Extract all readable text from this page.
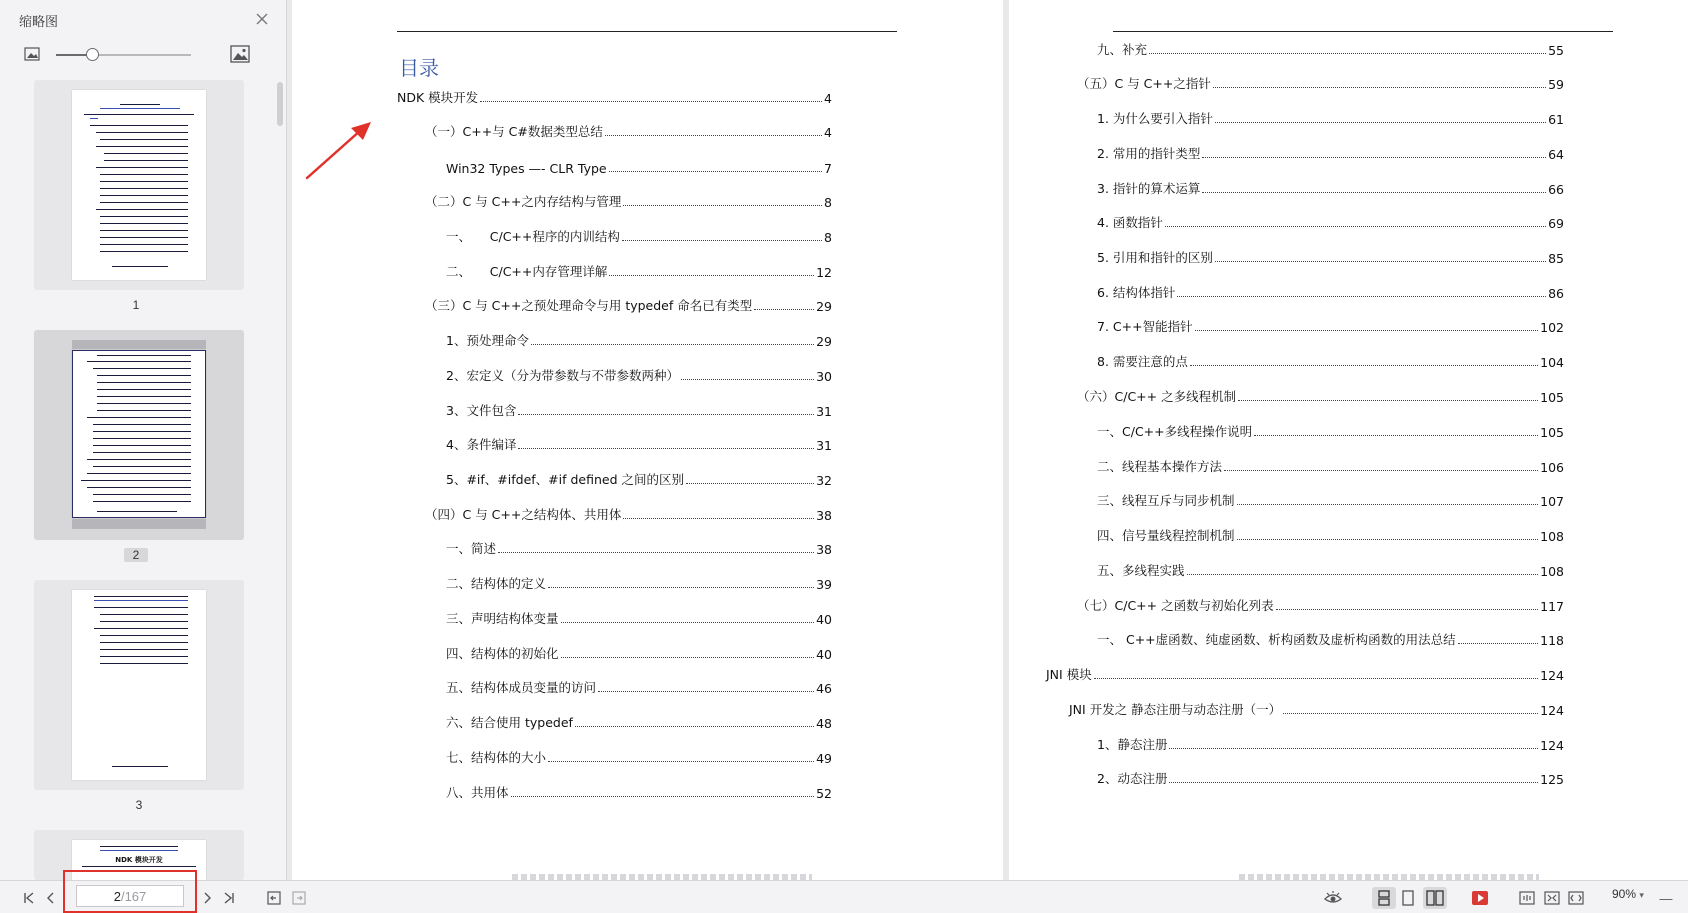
缩略图
1
2
3
NDK 模块开发
目录
NDK 模块开发	4
（一）C++与 C#数据类型总结	4
Win32 Types —- CLR Type	7
（二）C 与 C++之内存结构与管理	8
一、　　C/C++程序的内训结构	8
二、　　C/C++内存管理详解	12
（三）C 与 C++之预处理命令与用 typedef 命名已有类型	29
1、预处理命令	29
2、宏定义（分为带参数与不带参数两种）	30
3、文件包含	31
4、条件编译	31
5、#if、#ifdef、#if defined 之间的区别	32
（四）C 与 C++之结构体、共用体	38
一、简述	38
二、结构体的定义	39
三、声明结构体变量	40
四、结构体的初始化	40
五、结构体成员变量的访问	46
六、结合使用 typedef	48
七、结构体的大小	49
八、共用体	52
九、补充	55
（五）C 与 C++之指针	59
1. 为什么要引入指针	61
2. 常用的指针类型	64
3. 指针的算术运算	66
4. 函数指针	69
5. 引用和指针的区别	85
6. 结构体指针	86
7. C++智能指针	102
8. 需要注意的点	104
（六）C/C++ 之多线程机制	105
一、C/C++多线程操作说明	105
二、线程基本操作方法	106
三、线程互斥与同步机制	107
四、信号量线程控制机制	108
五、多线程实践	108
（七）C/C++ 之函数与初始化列表	117
一、 C++虚函数、纯虚函数、析构函数及虚析构函数的用法总结	118
JNI 模块	124
JNI 开发之 静态注册与动态注册（一）	124
1、静态注册	124
2、动态注册	125
—
2 /167	90% ▾
